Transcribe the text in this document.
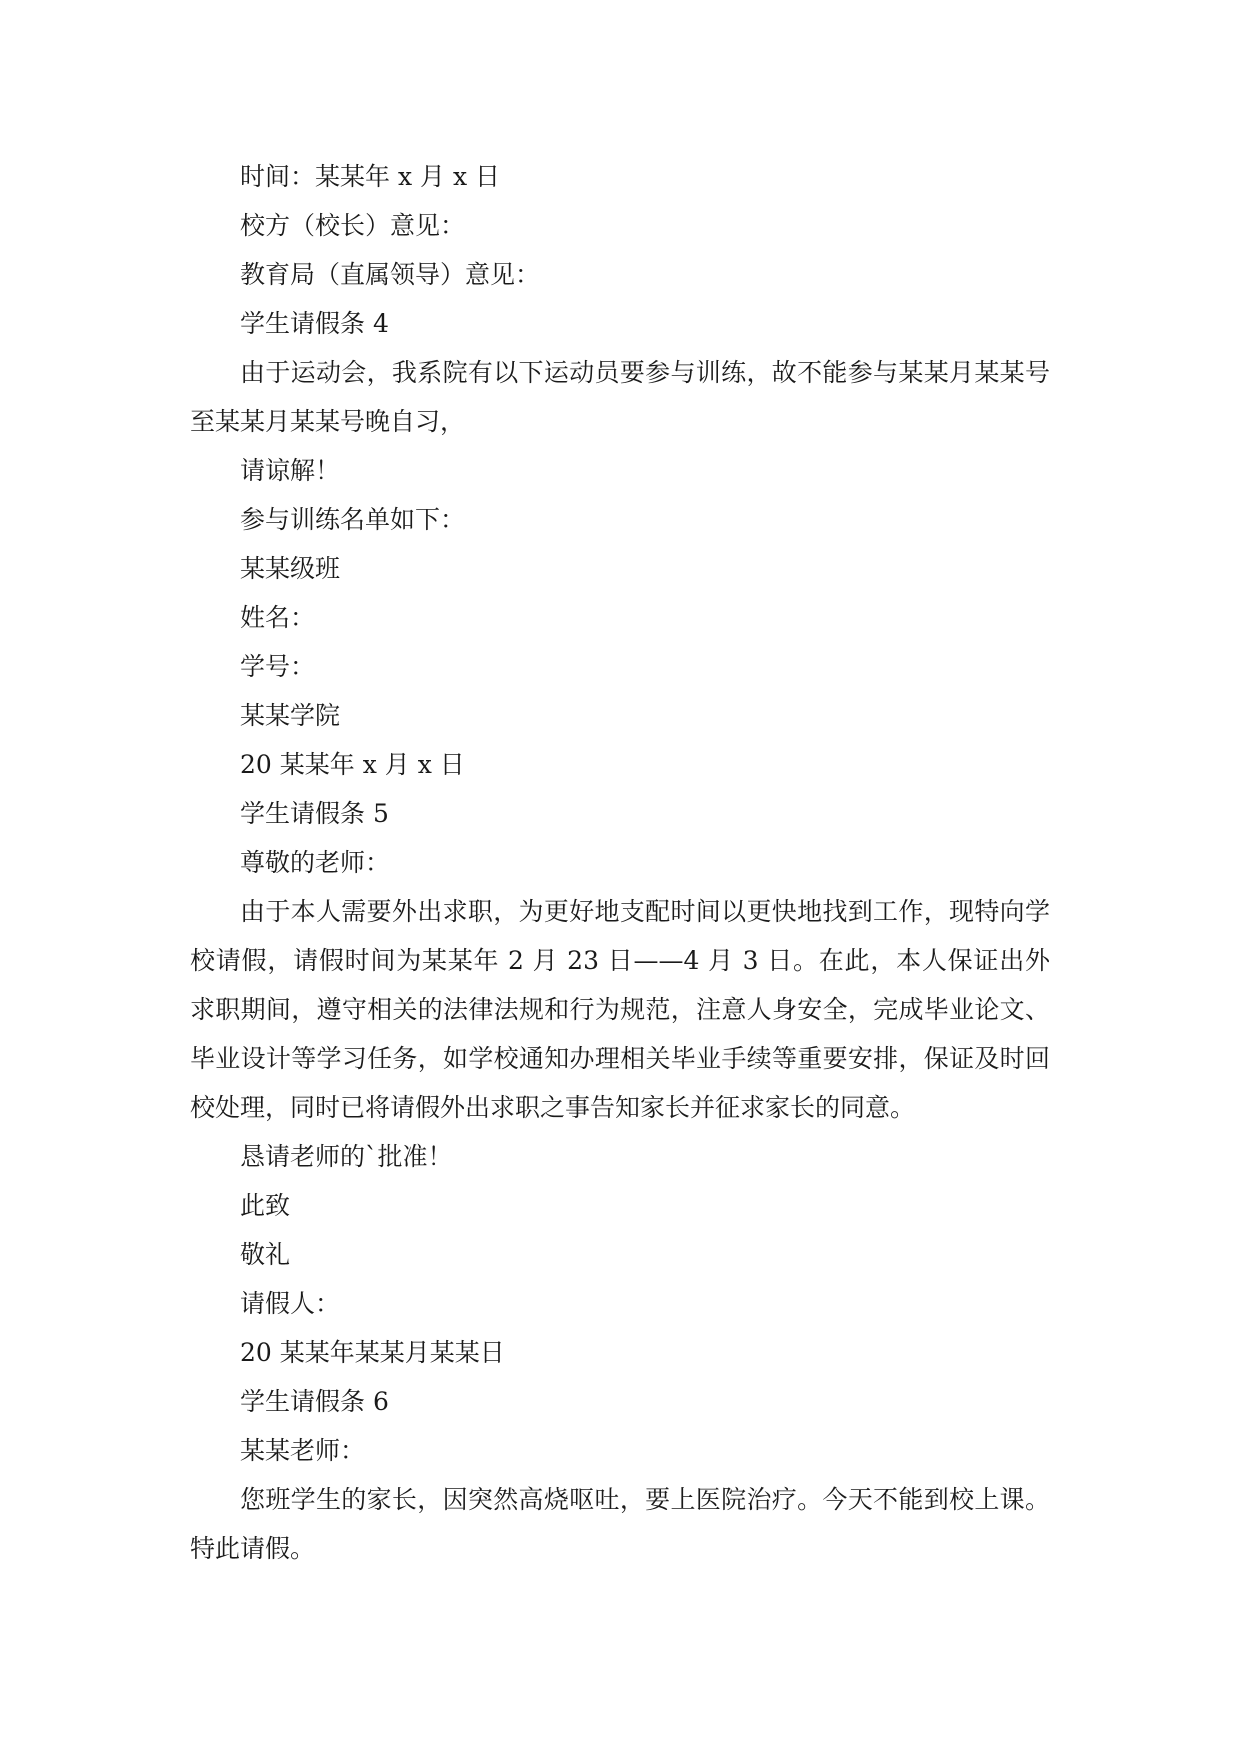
时间：某某年 x 月 x 日
校方（校长）意见：
教育局（直属领导）意见：
学生请假条 4

由于运动会，我系院有以下运动员要参与训练，故不能参与某某月某某号至某某月某某号晚自习，

请谅解！
参与训练名单如下：
某某级班
姓名：
学号：
某某学院
20 某某年 x 月 x 日
学生请假条 5
尊敬的老师：

由于本人需要外出求职，为更好地支配时间以更快地找到工作，现特向学校请假，请假时间为某某年 2 月 23 日——4 月 3 日。在此，本人保证出外求职期间，遵守相关的法律法规和行为规范，注意人身安全，完成毕业论文、毕业设计等学习任务，如学校通知办理相关毕业手续等重要安排，保证及时回校处理，同时已将请假外出求职之事告知家长并征求家长的同意。

恳请老师的`批准！
此致
敬礼
请假人：
20 某某年某某月某某日
学生请假条 6
某某老师：

您班学生的家长，因突然高烧呕吐，要上医院治疗。今天不能到校上课。特此请假。
